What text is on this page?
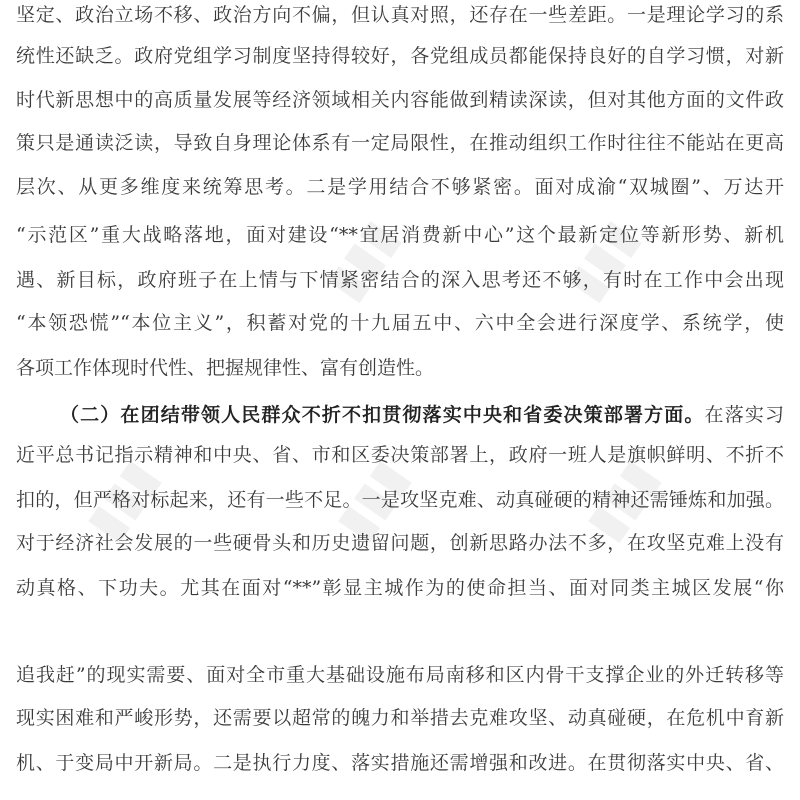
▮▮▮	▮▮▮
▮▮▮	▮▮▮	▮▮▮
坚定、政治立场不移、政治方向不偏，但认真对照，还存在一些差距。一是理论学习的系
统性还缺乏。政府党组学习制度坚持得较好，各党组成员都能保持良好的自学习惯，对新
时代新思想中的高质量发展等经济领域相关内容能做到精读深读，但对其他方面的文件政
策只是通读泛读，导致自身理论体系有一定局限性，在推动组织工作时往往不能站在更高
层次、从更多维度来统筹思考。二是学用结合不够紧密。面对成渝“双城圈”、万达开
“示范区”重大战略落地，面对建设“**宜居消费新中心”这个最新定位等新形势、新机
遇、新目标，政府班子在上情与下情紧密结合的深入思考还不够，有时在工作中会出现
“本领恐慌”“本位主义”，积蓄对党的十九届五中、六中全会进行深度学、系统学，使
各项工作体现时代性、把握规律性、富有创造性。
（二）在团结带领人民群众不折不扣贯彻落实中央和省委决策部署方面。在落实习
近平总书记指示精神和中央、省、市和区委决策部署上，政府一班人是旗帜鲜明、不折不
扣的，但严格对标起来，还有一些不足。一是攻坚克难、动真碰硬的精神还需锤炼和加强。
对于经济社会发展的一些硬骨头和历史遗留问题，创新思路办法不多，在攻坚克难上没有
动真格、下功夫。尤其在面对“**”彰显主城作为的使命担当、面对同类主城区发展“你
追我赶”的现实需要、面对全市重大基础设施布局南移和区内骨干支撑企业的外迁转移等
现实困难和严峻形势，还需要以超常的魄力和举措去克难攻坚、动真碰硬，在危机中育新
机、于变局中开新局。二是执行力度、落实措施还需增强和改进。在贯彻落实中央、省、
